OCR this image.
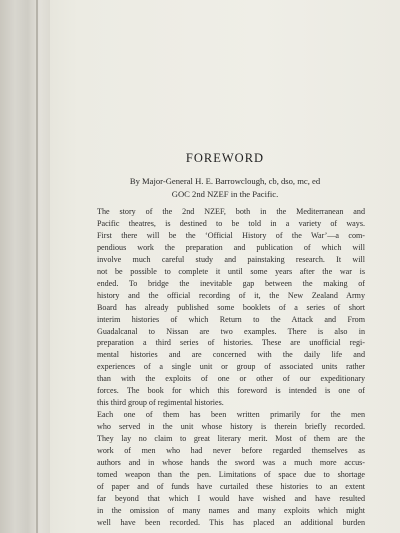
FOREWORD
By Major-General H. E. Barrowclough, cb, dso, mc, ed
GOC 2nd NZEF in the Pacific.

The story of the 2nd NZEF, both in the Mediterranean and
Pacific theatres, is destined to be told in a variety of ways.
First there will be the ‘Official History of the War’—a com-
pendious work the preparation and publication of which will
involve much careful study and painstaking research. It will
not be possible to complete it until some years after the war is
ended. To bridge the inevitable gap between the making of
history and the official recording of it, the New Zealand Army
Board has already published some booklets of a series of short
interim histories of which Return to the Attack and From
Guadalcanal to Nissan are two examples. There is also in
preparation a third series of histories. These are unofficial regi-
mental histories and are concerned with the daily life and
experiences of a single unit or group of associated units rather
than with the exploits of one or other of our expeditionary
forces. The book for which this foreword is intended is one of
this third group of regimental histories.

Each one of them has been written primarily for the men
who served in the unit whose history is therein briefly recorded.
They lay no claim to great literary merit. Most of them are the
work of men who had never before regarded themselves as
authors and in whose hands the sword was a much more accus-
tomed weapon than the pen. Limitations of space due to shortage
of paper and of funds have curtailed these histories to an extent
far beyond that which I would have wished and have resulted
in the omission of many names and many exploits which might
well have been recorded. This has placed an additional burden
